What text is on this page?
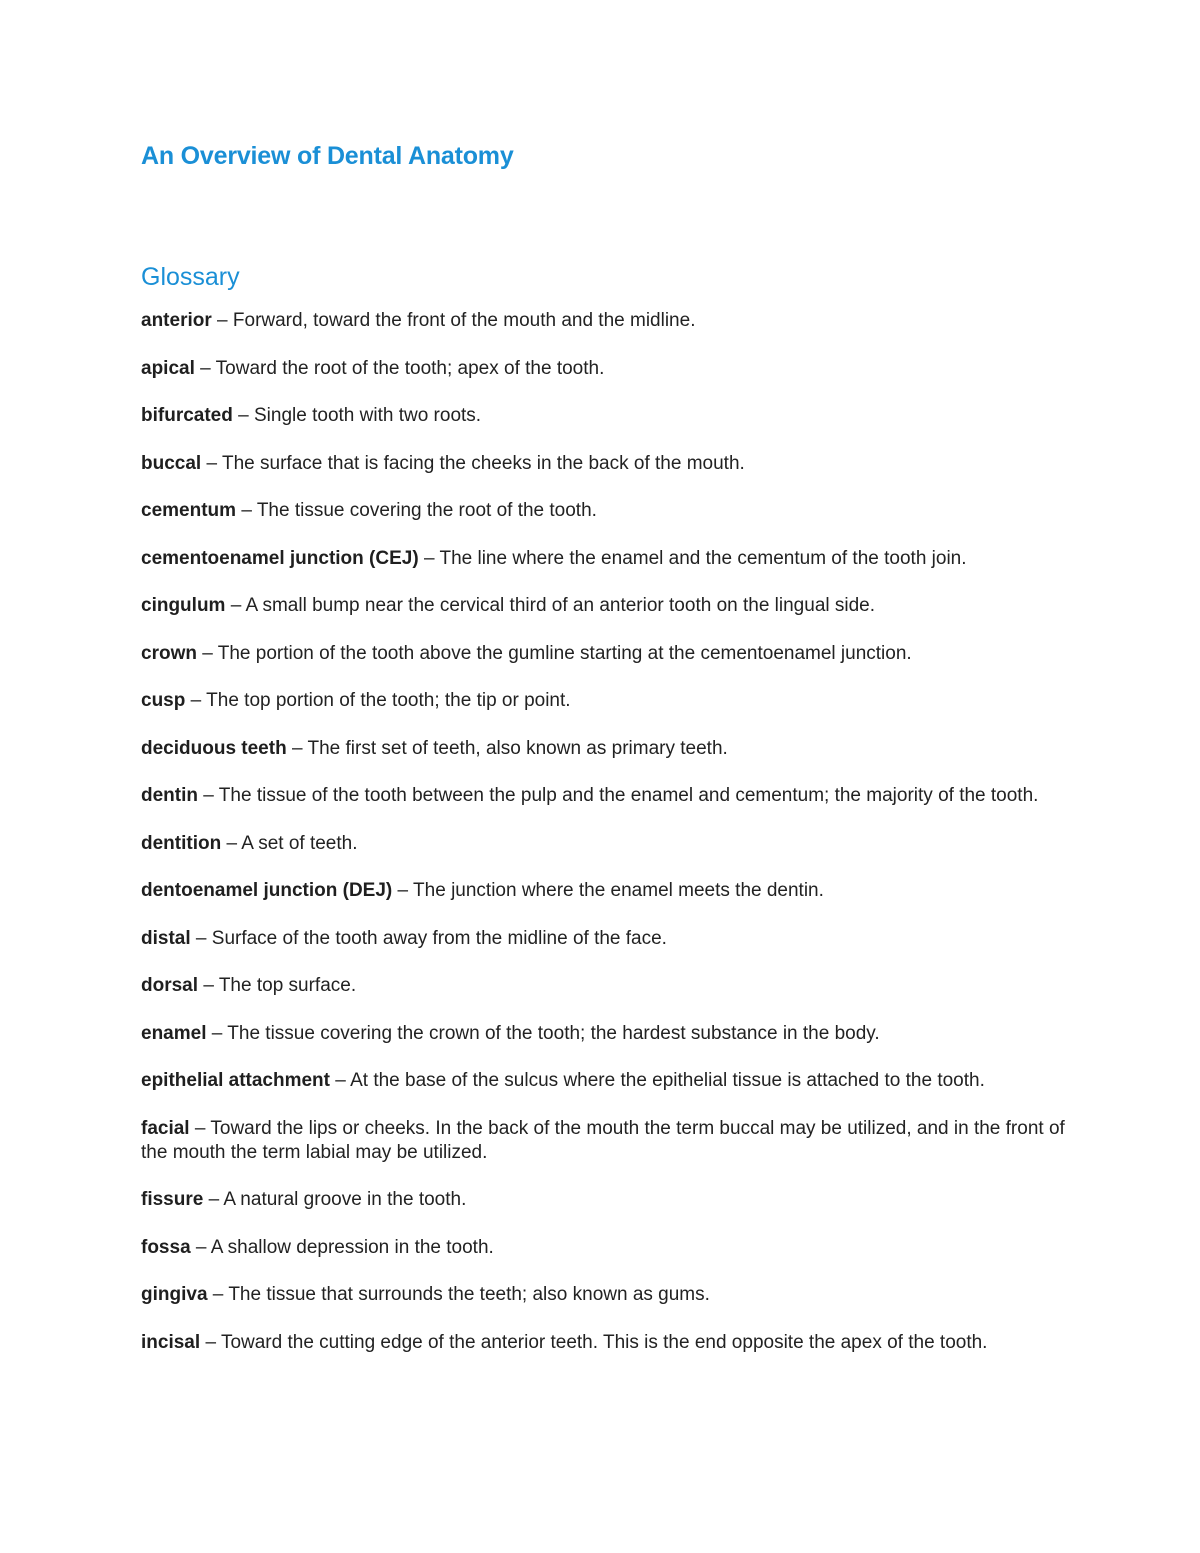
An Overview of Dental Anatomy
Glossary
anterior – Forward, toward the front of the mouth and the midline.
apical – Toward the root of the tooth; apex of the tooth.
bifurcated – Single tooth with two roots.
buccal – The surface that is facing the cheeks in the back of the mouth.
cementum – The tissue covering the root of the tooth.
cementoenamel junction (CEJ) – The line where the enamel and the cementum of the tooth join.
cingulum – A small bump near the cervical third of an anterior tooth on the lingual side.
crown – The portion of the tooth above the gumline starting at the cementoenamel junction.
cusp – The top portion of the tooth; the tip or point.
deciduous teeth – The first set of teeth, also known as primary teeth.
dentin – The tissue of the tooth between the pulp and the enamel and cementum; the majority of the tooth.
dentition – A set of teeth.
dentoenamel junction (DEJ) – The junction where the enamel meets the dentin.
distal – Surface of the tooth away from the midline of the face.
dorsal – The top surface.
enamel – The tissue covering the crown of the tooth; the hardest substance in the body.
epithelial attachment – At the base of the sulcus where the epithelial tissue is attached to the tooth.
facial – Toward the lips or cheeks. In the back of the mouth the term buccal may be utilized, and in the front of the mouth the term labial may be utilized.
fissure – A natural groove in the tooth.
fossa – A shallow depression in the tooth.
gingiva – The tissue that surrounds the teeth; also known as gums.
incisal – Toward the cutting edge of the anterior teeth. This is the end opposite the apex of the tooth.
